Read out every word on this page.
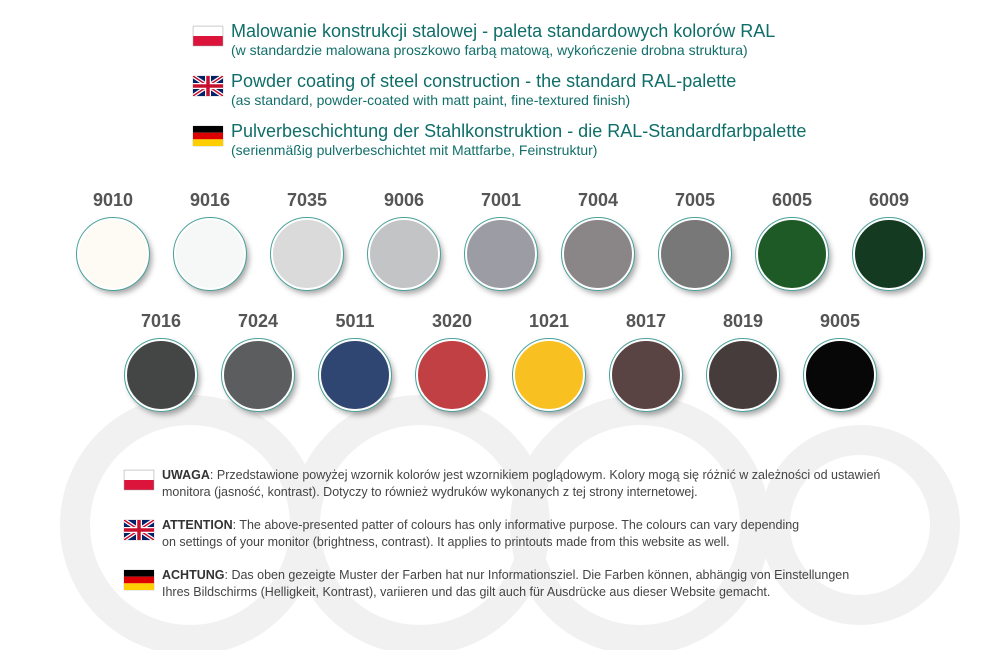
Malowanie konstrukcji stalowej - paleta standardowych kolorów RAL
(w standardzie malowana proszkowo farbą matową, wykończenie drobna struktura)
Powder coating of steel construction - the standard RAL-palette
(as standard, powder-coated with matt paint, fine-textured finish)
Pulverbeschichtung der Stahlkonstruktion - die RAL-Standardfarbpalette
(serienmäßig pulverbeschichtet mit Mattfarbe, Feinstruktur)
9010	9016	7035	9006	7001	7004	7005	6005	6009
7016	7024	5011	3020	1021	8017	8019	9005
UWAGA: Przedstawione powyżej wzornik kolorów jest wzornikiem poglądowym. Kolory mogą się różnić w zależności od ustawień monitora (jasność, kontrast). Dotyczy to również wydruków wykonanych z tej strony internetowej.
ATTENTION: The above-presented patter of colours has only informative purpose. The colours can vary depending on settings of your monitor (brightness, contrast). It applies to printouts made from this website as well.
ACHTUNG: Das oben gezeigte Muster der Farben hat nur Informationsziel. Die Farben können, abhängig von Einstellungen Ihres Bildschirms (Helligkeit, Kontrast), variieren und das gilt auch für Ausdrücke aus dieser Website gemacht.
